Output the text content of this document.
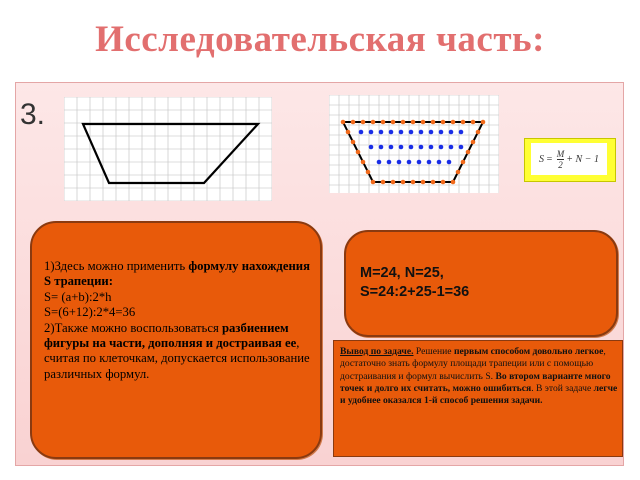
Исследовательская часть:
3.
$S = \frac{M}{2} + N - 1$
1)Здесь можно применить формулу нахождения S трапеции:
S= (a+b):2*h
S=(6+12):2*4=36
2)Также можно воспользоваться разбиением фигуры на части, дополняя и достраивая ее, считая по клеточкам, допускается использование различных формул.
M=24, N=25,
S=24:2+25-1=36
Вывод по задаче. Решение первым способом довольно легкое, достаточно знать формулу площади трапеции или с помощью достраивания и формул вычислить S. Во втором варианте много точек и долго их считать, можно ошибиться. В этой задаче легче и удобнее оказался 1-й способ решения задачи.
